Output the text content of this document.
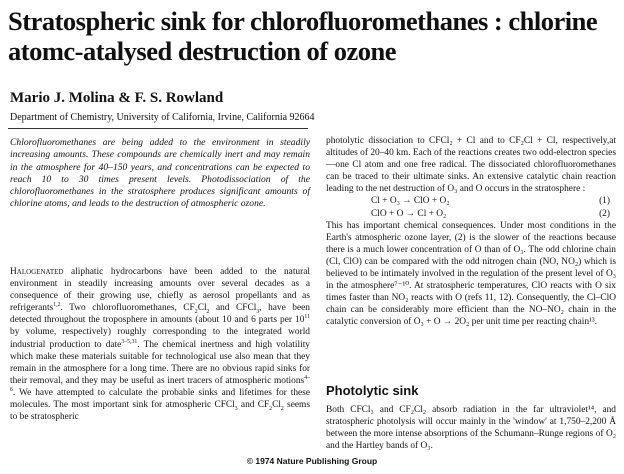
Stratospheric sink for chlorofluoromethanes : chlorine atomc-atalysed destruction of ozone
Mario J. Molina & F. S. Rowland
Department of Chemistry, University of California, Irvine, California 92664
Chlorofluoromethanes are being added to the environment in steadily increasing amounts. These compounds are chemically inert and may remain in the atmosphere for 40–150 years, and concentrations can be expected to reach 10 to 30 times present levels. Photodissociation of the chlorofluoromethanes in the stratosphere produces significant amounts of chlorine atoms, and leads to the destruction of atmospheric ozone.
Halogenated aliphatic hydrocarbons have been added to the natural environment in steadily increasing amounts over several decades as a consequence of their growing use, chiefly as aerosol propellants and as refrigerants$^{1,2}$. Two chlorofluoromethanes, $CF_2Cl_2$ and CFCl$_3$, have been detected throughout the troposphere in amounts (about 10 and 6 parts per $10^{11}$ by volume, respectively) roughly corresponding to the integrated world industrial production to date$^{3-5,31}$. The chemical inertness and high volatility which make these materials suitable for technological use also mean that they remain in the atmosphere for a long time. There are no obvious rapid sinks for their removal, and they may be useful as inert tracers of atmospheric motions$^{4-6}$. We have attempted to calculate the probable sinks and lifetimes for these molecules. The most important sink for atmospheric CFCl$_3$ and $CF_2Cl_2$ seems to be stratospheric
photolytic dissociation to CFCl₂ + Cl and to CF₂Cl + Cl, respectively,at altitudes of 20–40 km. Each of the reactions creates two odd-electron species—one Cl atom and one free radical. The dissociated chlorofluoromethanes can be traced to their ultimate sinks. An extensive catalytic chain reaction leading to the net destruction of O₃ and O occurs in the stratosphere :
Cl + O₃ → ClO + O₂	(1)
ClO + O → Cl + O₂	(2)
This has important chemical consequences. Under most conditions in the Earth's atmospheric ozone layer, (2) is the slower of the reactions because there is a much lower concentration of O than of O₃. The odd chlorine chain (Cl, ClO) can be compared with the odd nitrogen chain (NO, NO₂) which is believed to be intimately involved in the regulation of the present level of O₃ in the atmosphere⁷⁻¹⁰. At stratospheric temperatures, ClO reacts with O six times faster than NO₂ reacts with O (refs 11, 12). Consequently, the Cl–ClO chain can be considerably more efficient than the NO–NO₂ chain in the catalytic conversion of O₃ + O → 2O₂ per unit time per reacting chain¹³.
Photolytic sink
Both CFCl₃ and CF₂Cl₂ absorb radiation in the far ultraviolet¹⁴, and stratospheric photolysis will occur mainly in the 'window' at 1,750–2,200 Å between the more intense absorptions of the Schumann–Runge regions of O₂ and the Hartley bands of O₃.
© 1974 Nature Publishing Group
